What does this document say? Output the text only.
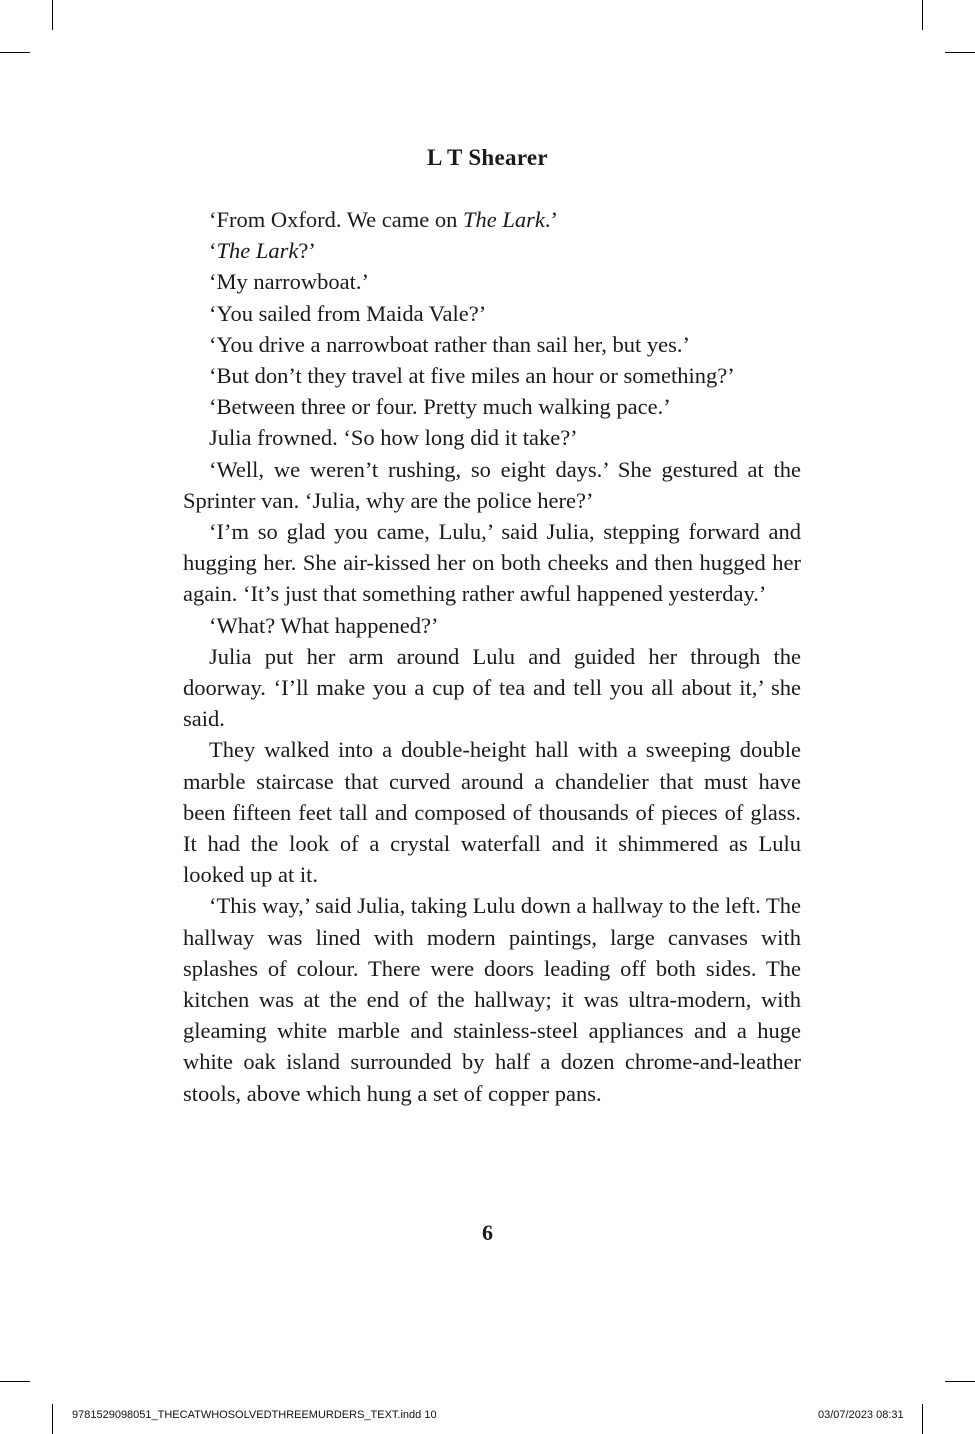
L T Shearer

‘From Oxford. We came on The Lark.’

‘The Lark?’

‘My narrowboat.’

‘You sailed from Maida Vale?’

‘You drive a narrowboat rather than sail her, but yes.’

‘But don’t they travel at five miles an hour or something?’

‘Between three or four. Pretty much walking pace.’

Julia frowned. ‘So how long did it take?’

‘Well, we weren’t rushing, so eight days.’ She gestured at the Sprinter van. ‘Julia, why are the police here?’

‘I’m so glad you came, Lulu,’ said Julia, stepping forward and hugging her. She air-kissed her on both cheeks and then hugged her again. ‘It’s just that something rather awful happened yesterday.’

‘What? What happened?’

Julia put her arm around Lulu and guided her through the doorway. ‘I’ll make you a cup of tea and tell you all about it,’ she said.

They walked into a double-height hall with a sweeping double marble staircase that curved around a chandelier that must have been fifteen feet tall and composed of thousands of pieces of glass. It had the look of a crystal waterfall and it shimmered as Lulu looked up at it.

‘This way,’ said Julia, taking Lulu down a hallway to the left. The hallway was lined with modern paintings, large canvases with splashes of colour. There were doors leading off both sides. The kitchen was at the end of the hallway; it was ultra-modern, with gleaming white marble and stainless-steel appliances and a huge white oak island surrounded by half a dozen chrome-and-leather stools, above which hung a set of copper pans.

6
9781529098051_THECATWHOSOLVEDTHREEMURDERS_TEXT.indd 10	03/07/2023 08:31
